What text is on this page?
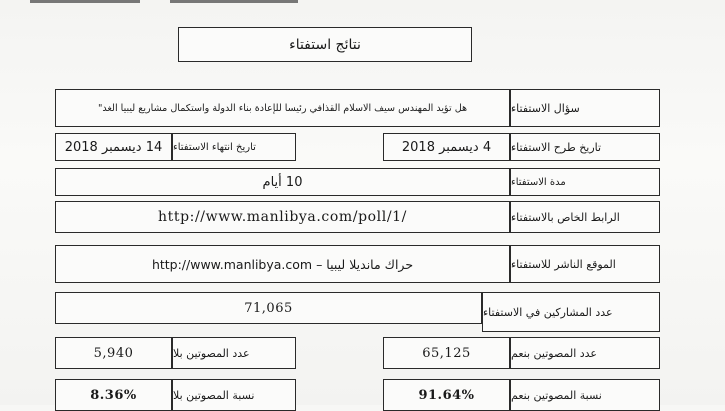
نتائج استفتاء
سؤال الاستفتاء
هل تؤيد المهندس سيف الاسلام القذافي رئيسا للإعادة بناء الدولة واستكمال مشاريع ليبيا الغد"
تاريخ طرح الاستفتاء
4 ديسمبر 2018
تاريخ انتهاء الاستفتاء
14 ديسمبر 2018
مدة الاستفتاء
10 أيام
الرابط الخاص بالاستفتاء
http://www.manlibya.com/poll/1/
الموقع الناشر للاستفتاء
حراك مانديلا ليبيا – http://www.manlibya.com
عدد المشاركين في الاستفتاء
71,065
عدد المصوتين بنعم
65,125
عدد المصوتين بلا
5,940
نسبة المصوتين بنعم
91.64%
نسبة المصوتين بلا
8.36%
